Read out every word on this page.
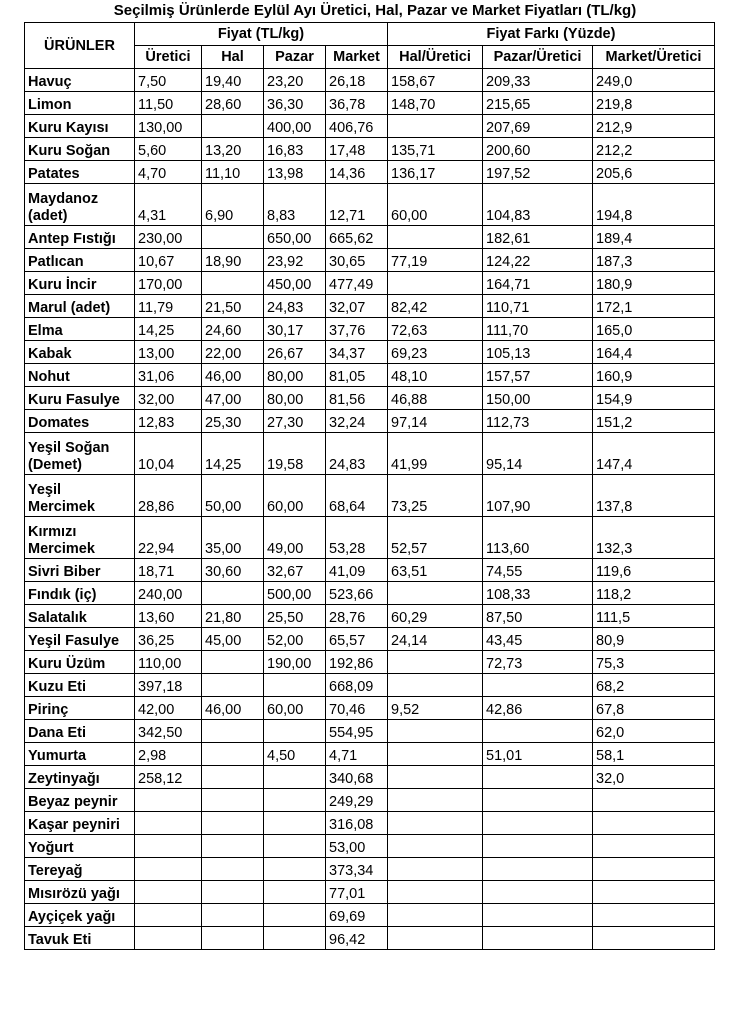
Seçilmiş Ürünlerde Eylül Ayı Üretici, Hal, Pazar ve Market Fiyatları (TL/kg)
ÜRÜNLER	Fiyat (TL/kg)				Fiyat Farkı (Yüzde)		
	Üretici	Hal	Pazar	Market	Hal/Üretici	Pazar/Üretici	Market/Üretici
Havuç	7,50	19,40	23,20	26,18	158,67	209,33	249,0
Limon	11,50	28,60	36,30	36,78	148,70	215,65	219,8
Kuru Kayısı	130,00		400,00	406,76		207,69	212,9
Kuru Soğan	5,60	13,20	16,83	17,48	135,71	200,60	212,2
Patates	4,70	11,10	13,98	14,36	136,17	197,52	205,6
Maydanoz (adet)	4,31	6,90	8,83	12,71	60,00	104,83	194,8
Antep Fıstığı	230,00		650,00	665,62		182,61	189,4
Patlıcan	10,67	18,90	23,92	30,65	77,19	124,22	187,3
Kuru İncir	170,00		450,00	477,49		164,71	180,9
Marul (adet)	11,79	21,50	24,83	32,07	82,42	110,71	172,1
Elma	14,25	24,60	30,17	37,76	72,63	111,70	165,0
Kabak	13,00	22,00	26,67	34,37	69,23	105,13	164,4
Nohut	31,06	46,00	80,00	81,05	48,10	157,57	160,9
Kuru Fasulye	32,00	47,00	80,00	81,56	46,88	150,00	154,9
Domates	12,83	25,30	27,30	32,24	97,14	112,73	151,2
Yeşil Soğan (Demet)	10,04	14,25	19,58	24,83	41,99	95,14	147,4
Yeşil Mercimek	28,86	50,00	60,00	68,64	73,25	107,90	137,8
Kırmızı Mercimek	22,94	35,00	49,00	53,28	52,57	113,60	132,3
Sivri Biber	18,71	30,60	32,67	41,09	63,51	74,55	119,6
Fındık (iç)	240,00		500,00	523,66		108,33	118,2
Salatalık	13,60	21,80	25,50	28,76	60,29	87,50	111,5
Yeşil Fasulye	36,25	45,00	52,00	65,57	24,14	43,45	80,9
Kuru Üzüm	110,00		190,00	192,86		72,73	75,3
Kuzu Eti	397,18			668,09			68,2
Pirinç	42,00	46,00	60,00	70,46	9,52	42,86	67,8
Dana Eti	342,50			554,95			62,0
Yumurta	2,98		4,50	4,71		51,01	58,1
Zeytinyağı	258,12			340,68			32,0
Beyaz peynir				249,29			
Kaşar peyniri				316,08			
Yoğurt				53,00			
Tereyağ				373,34			
Mısırözü yağı				77,01			
Ayçiçek yağı				69,69			
Tavuk Eti				96,42			
